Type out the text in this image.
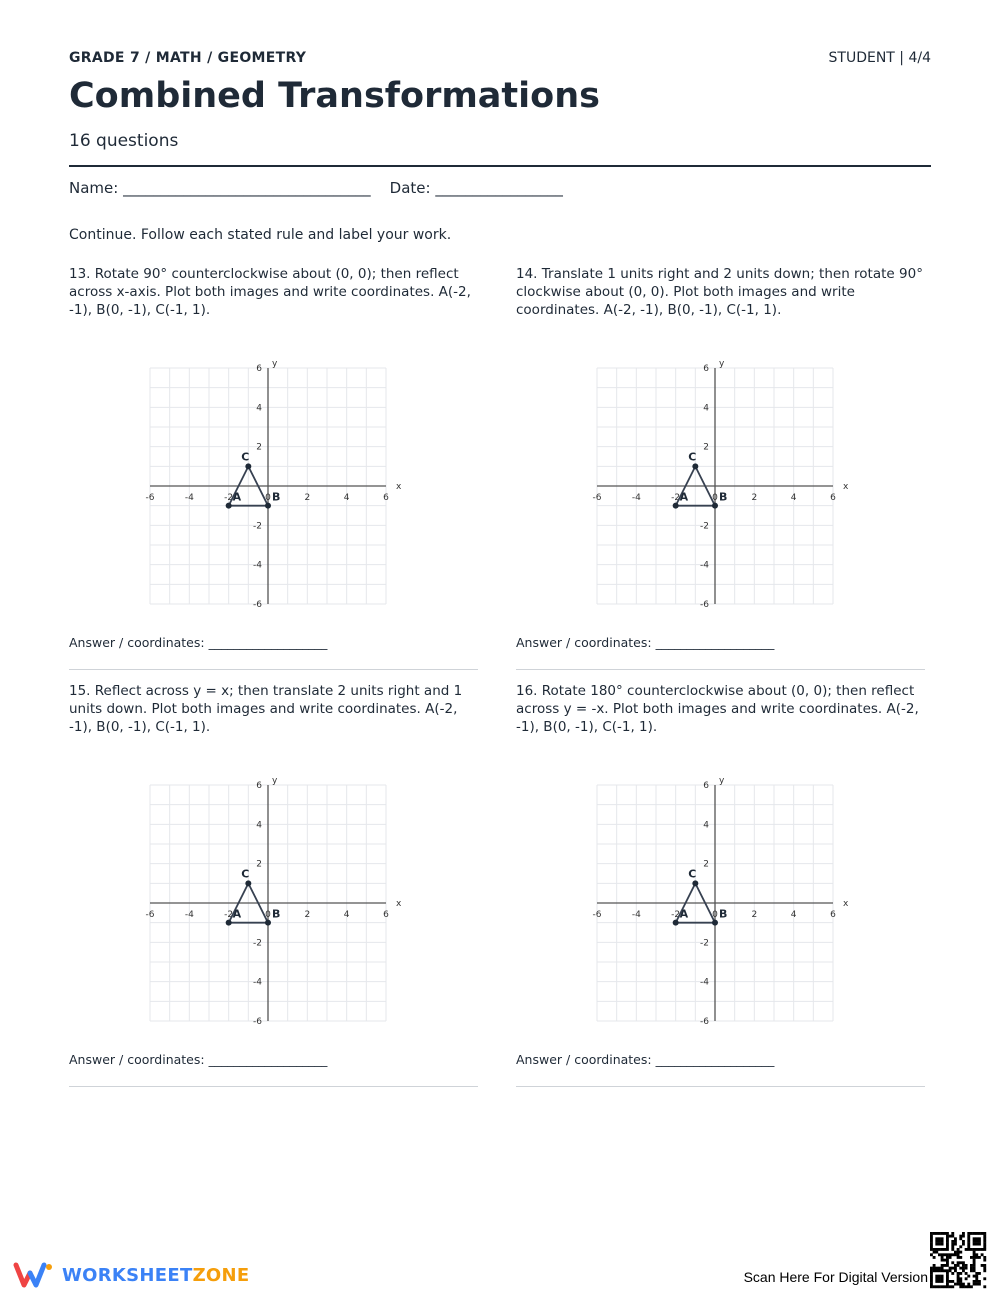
GRADE 7 / MATH / GEOMETRY	STUDENT | 4/4
Combined Transformations
16 questions
Name: _________________________________    Date: _________________
Continue. Follow each stated rule and label your work.
13. Rotate 90° counterclockwise about (0, 0); then reflect across x-axis. Plot both images and write coordinates. A(-2, -1), B(0, -1), C(-1, 1).
-6	-4	-2	0	2	4	6
6
4
2
-2
-4
-6
x
y
A	B
C
Answer / coordinates: ___________________
14. Translate 1 units right and 2 units down; then rotate 90° clockwise about (0, 0). Plot both images and write coordinates. A(-2, -1), B(0, -1), C(-1, 1).
-6	-4	-2	0	2	4	6
6
4
2
-2
-4
-6
x
y
A	B
C
Answer / coordinates: ___________________
15. Reflect across y = x; then translate 2 units right and 1 units down. Plot both images and write coordinates. A(-2, -1), B(0, -1), C(-1, 1).
-6	-4	-2	0	2	4	6
6
4
2
-2
-4
-6
x
y
A	B
C
Answer / coordinates: ___________________
16. Rotate 180° counterclockwise about (0, 0); then reflect across y = -x. Plot both images and write coordinates. A(-2, -1), B(0, -1), C(-1, 1).
-6	-4	-2	0	2	4	6
6
4
2
-2
-4
-6
x
y
A	B
C
Answer / coordinates: ___________________
WORKSHEETZONE	Scan Here For Digital Version
